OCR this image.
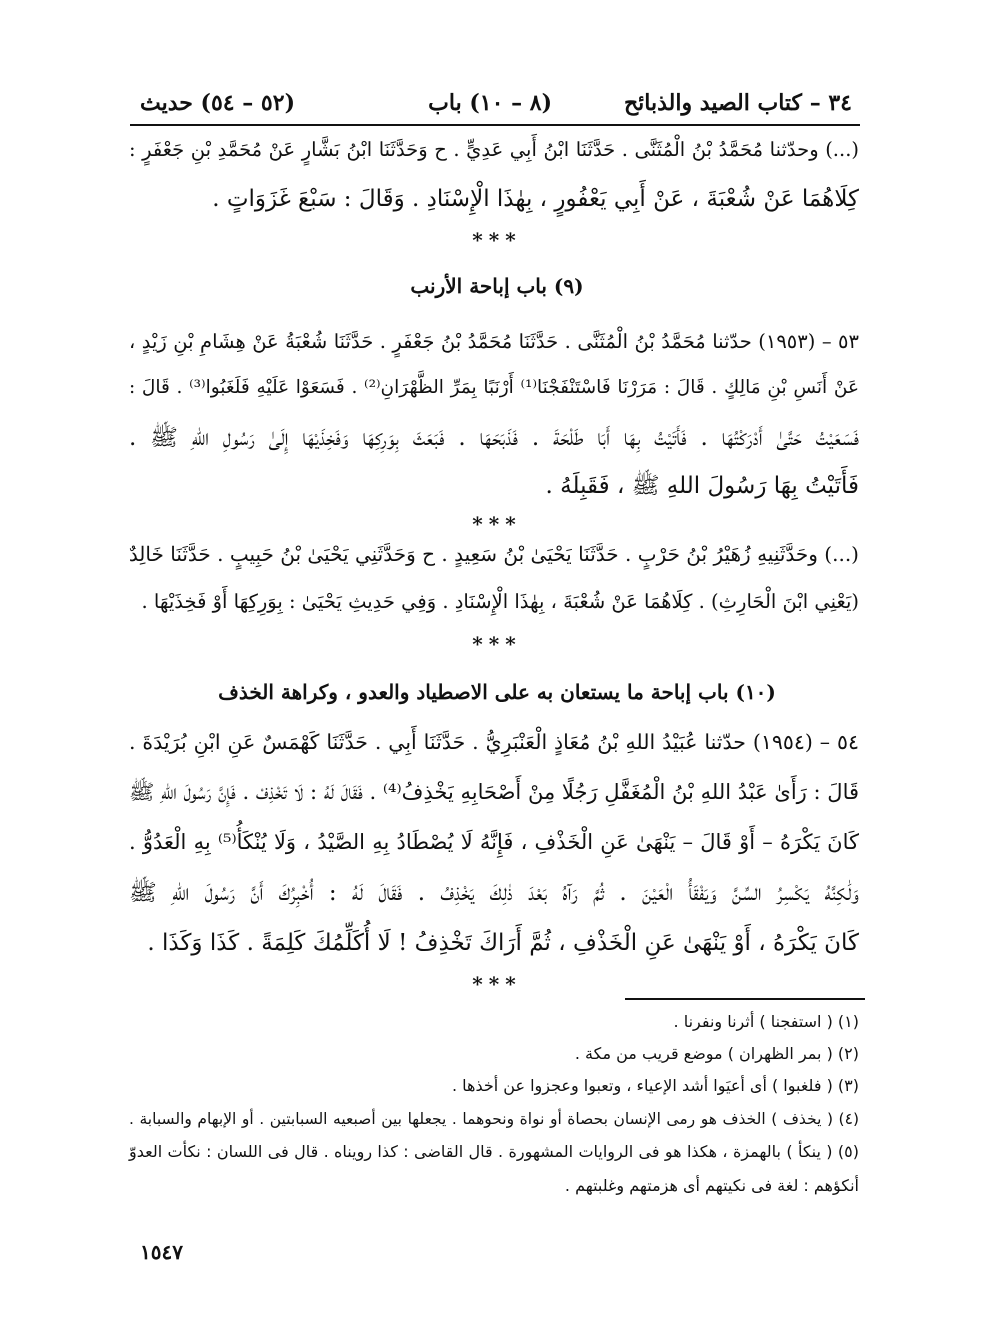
٣٤ – كتاب الصيد والذبائح
(٨ – ١٠) باب
(٥٢ – ٥٤) حديث
(...) وحدّثنا مُحَمَّدُ بْنُ الْمُثَنَّى . حَدَّثَنَا ابْنُ أَبِي عَدِيٍّ . ح وَحَدَّثَنَا ابْنُ بَشَّارٍ عَنْ مُحَمَّدِ بْنِ جَعْفَرٍ :
كِلَاهُمَا عَنْ شُعْبَةَ ، عَنْ أَبِي يَعْفُورٍ ، بِهٰذَا الْإِسْنَادِ . وَقَالَ : سَبْعَ غَزَوَاتٍ .
***
(٩) باب إباحة الأرنب
٥٣ – (١٩٥٣) حدّثنا مُحَمَّدُ بْنُ الْمُثَنَّى . حَدَّثَنَا مُحَمَّدُ بْنُ جَعْفَرٍ . حَدَّثَنَا شُعْبَةُ عَنْ هِشَامِ بْنِ زَيْدٍ ،
عَنْ أَنَسِ بْنِ مَالِكٍ . قَالَ : مَرَرْنَا فَاسْتَنْفَجْنَا⁽¹⁾ أَرْنَبًا بِمَرِّ الظَّهْرَانِ⁽²⁾ . فَسَعَوْا عَلَيْهِ فَلَغَبُوا⁽³⁾ . قَالَ :
فَسَعَيْتُ حَتَّىٰ أَدْرَكْتُهَا . فَأَتَيْتُ بِهَا أَبَا طَلْحَةَ . فَذَبَحَهَا . فَبَعَثَ بِوَرِكِهَا وَفَخِذَيْهَا إِلَىٰ رَسُولِ اللهِ ﷺ .
فَأَتَيْتُ بِهَا رَسُولَ اللهِ ﷺ ، فَقَبِلَهُ .
***
(...) وحَدَّثَنِيهِ زُهَيْرُ بْنُ حَرْبٍ . حَدَّثَنَا يَحْيَىٰ بْنُ سَعِيدٍ . ح وَحَدَّثَنِي يَحْيَىٰ بْنُ حَبِيبٍ . حَدَّثَنَا خَالِدٌ
(يَعْنِي ابْنَ الْحَارِثِ) . كِلَاهُمَا عَنْ شُعْبَةَ ، بِهٰذَا الْإِسْنَادِ . وَفِي حَدِيثِ يَحْيَىٰ : بِوَرِكِهَا أَوْ فَخِذَيْهَا .
***
(١٠) باب إباحة ما يستعان به على الاصطياد والعدو ، وكراهة الخذف
٥٤ – (١٩٥٤) حدّثنا عُبَيْدُ اللهِ بْنُ مُعَاذٍ الْعَنْبَرِيُّ . حَدَّثَنَا أَبِي . حَدَّثَنَا كَهْمَسٌ عَنِ ابْنِ بُرَيْدَةَ .
قَالَ : رَأَىٰ عَبْدُ اللهِ بْنُ الْمُغَفَّلِ رَجُلًا مِنْ أَصْحَابِهِ يَخْذِفُ⁽⁴⁾ . فَقَالَ لَهُ : لَا تَخْذِفْ . فَإِنَّ رَسُولَ اللهِ ﷺ
كَانَ يَكْرَهُ – أَوْ قَالَ – يَنْهَىٰ عَنِ الْخَذْفِ ، فَإِنَّهُ لَا يُصْطَادُ بِهِ الصَّيْدُ ، وَلَا يُنْكَأُ⁽⁵⁾ بِهِ الْعَدُوُّ .
وَلَٰكِنَّهُ يَكْسِرُ السِّنَّ وَيَفْقَأُ الْعَيْنَ . ثُمَّ رَآهُ بَعْدَ ذٰلِكَ يَخْذِفُ . فَقَالَ لَهُ : أُخْبِرُكَ أَنَّ رَسُولَ اللهِ ﷺ
كَانَ يَكْرَهُ ، أَوْ يَنْهَىٰ عَنِ الْخَذْفِ ، ثُمَّ أَرَاكَ تَخْذِفُ ! لَا أُكَلِّمُكَ كَلِمَةً . كَذَا وَكَذَا .
***
(١) ( استفجنا ) أثرنا ونفرنا .
(٢) ( بمر الظهران ) موضع قريب من مكة .
(٣) ( فلغبوا ) أى أعيَوا أشد الإعياء ، وتعبوا وعجزوا عن أخذها .
(٤) ( يخذف ) الخذف هو رمى الإنسان بحصاة أو نواة ونحوهما . يجعلها بين أصبعيه السبابتين . أو الإبهام والسبابة .
(٥) ( ينكأ ) بالهمزة ، هكذا هو فى الروايات المشهورة . قال القاضى : كذا رويناه . قال فى اللسان : نكأت العدوّ
أنكؤهم : لغة فى نكيتهم أى هزمتهم وغلبتهم .
١٥٤٧
